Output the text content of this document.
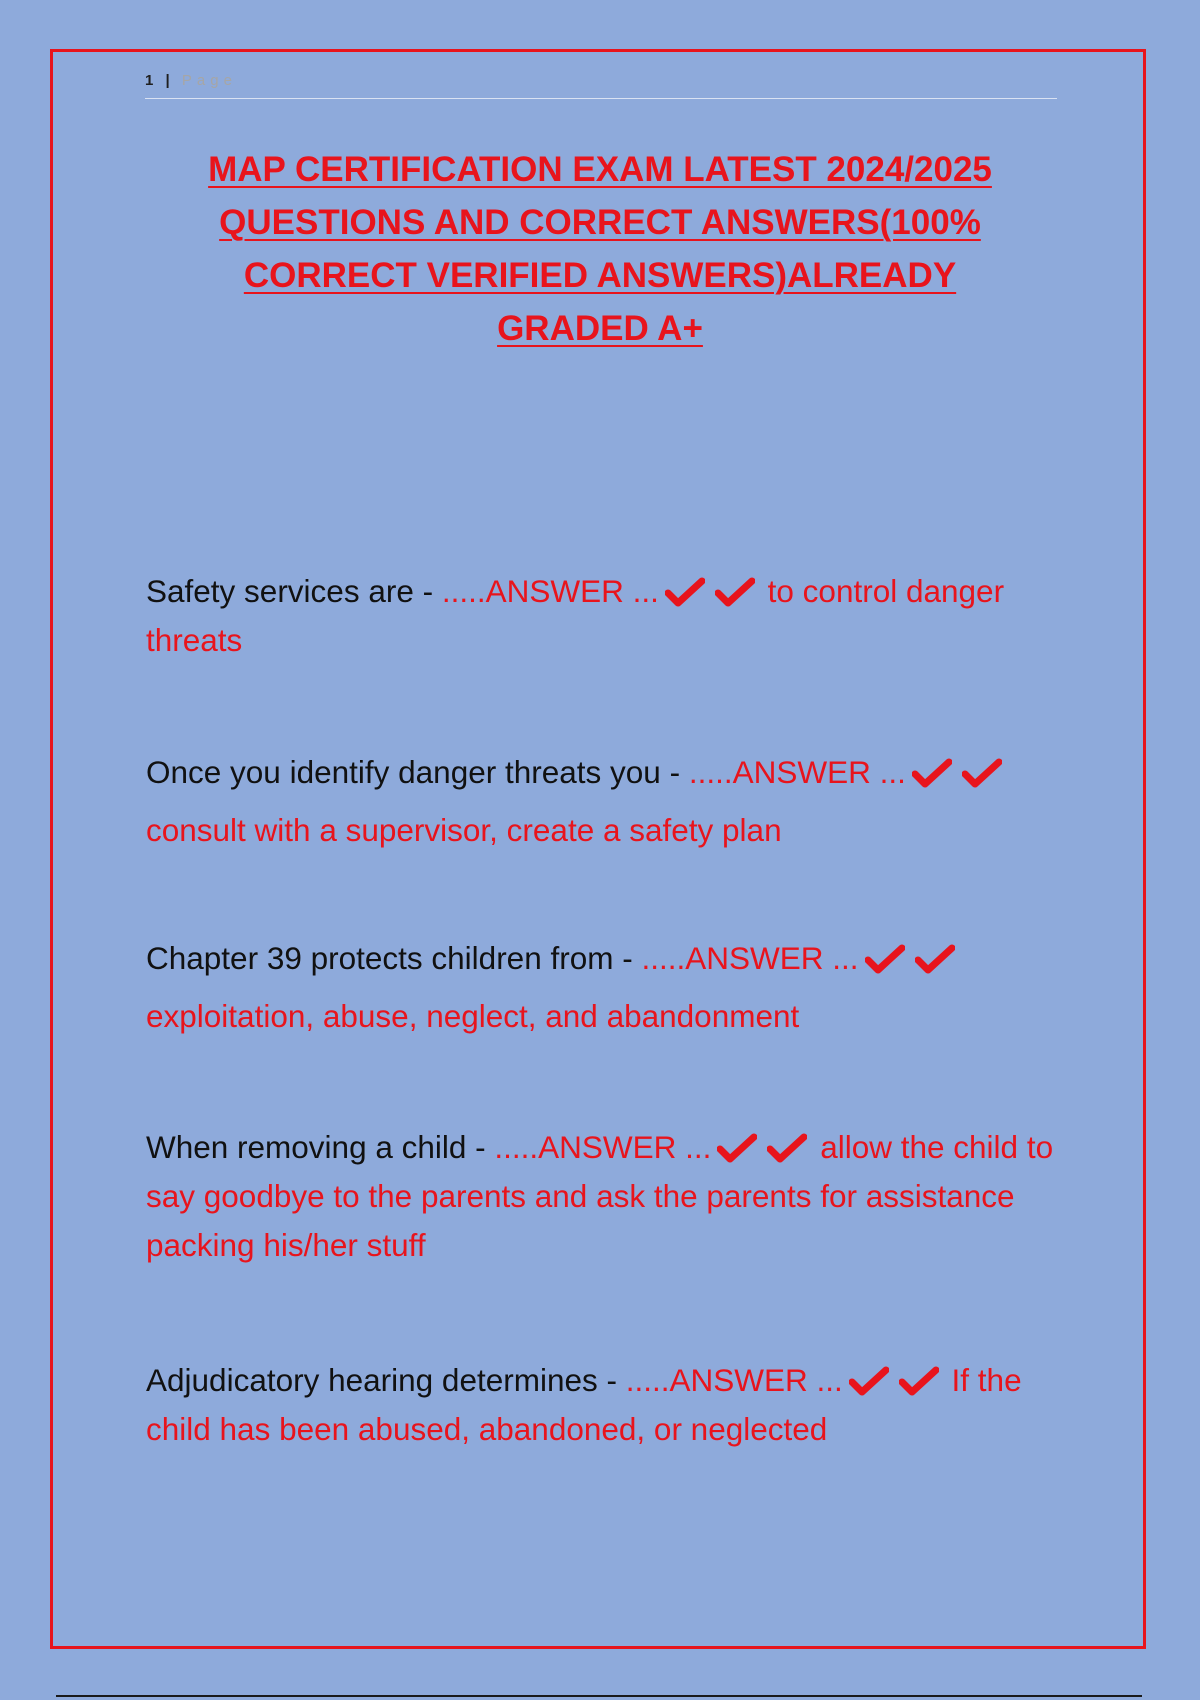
1 | Page
MAP CERTIFICATION EXAM LATEST 2024/2025
QUESTIONS AND CORRECT ANSWERS(100%
CORRECT VERIFIED ANSWERS)ALREADY
GRADED A+
Safety services are - .....ANSWER ...	to control danger threats
Once you identify danger threats you - .....ANSWER ...
consult with a supervisor, create a safety plan
Chapter 39 protects children from - .....ANSWER ...
exploitation, abuse, neglect, and abandonment
When removing a child - .....ANSWER ...	allow the child to say goodbye to the parents and ask the parents for assistance packing his/her stuff
Adjudicatory hearing determines - .....ANSWER ...	If the child has been abused, abandoned, or neglected
